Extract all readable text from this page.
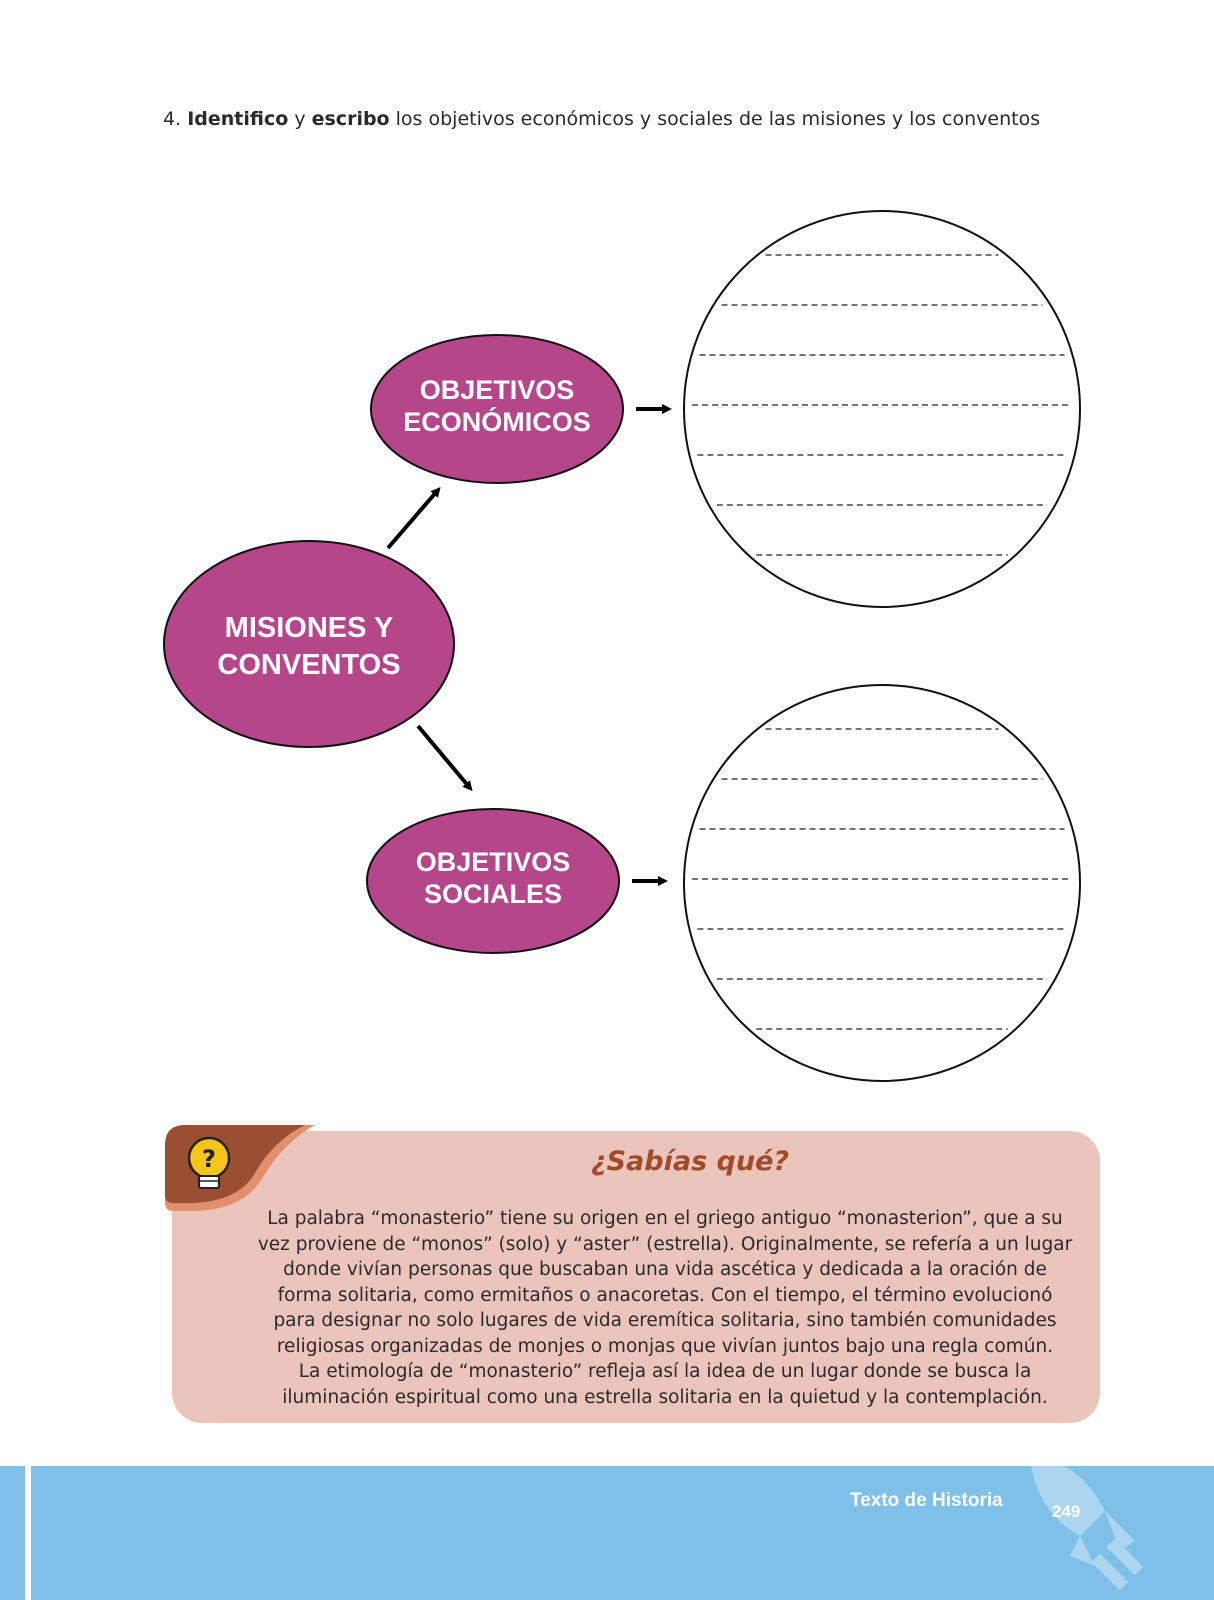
4. Identifico y escribo los objetivos económicos y sociales de las misiones y los conventos
MISIONES Y
CONVENTOS
OBJETIVOS
ECONÓMICOS
OBJETIVOS
SOCIALES
?	¿Sabías qué?
La palabra “monasterio” tiene su origen en el griego antiguo “monasterion”, que a su
vez proviene de “monos” (solo) y “aster” (estrella). Originalmente, se refería a un lugar
donde vivían personas que buscaban una vida ascética y dedicada a la oración de
forma solitaria, como ermitaños o anacoretas. Con el tiempo, el término evolucionó
para designar no solo lugares de vida eremítica solitaria, sino también comunidades
religiosas organizadas de monjes o monjas que vivían juntos bajo una regla común.
La etimología de “monasterio” refleja así la idea de un lugar donde se busca la
iluminación espiritual como una estrella solitaria en la quietud y la contemplación.
Texto de Historia
249
